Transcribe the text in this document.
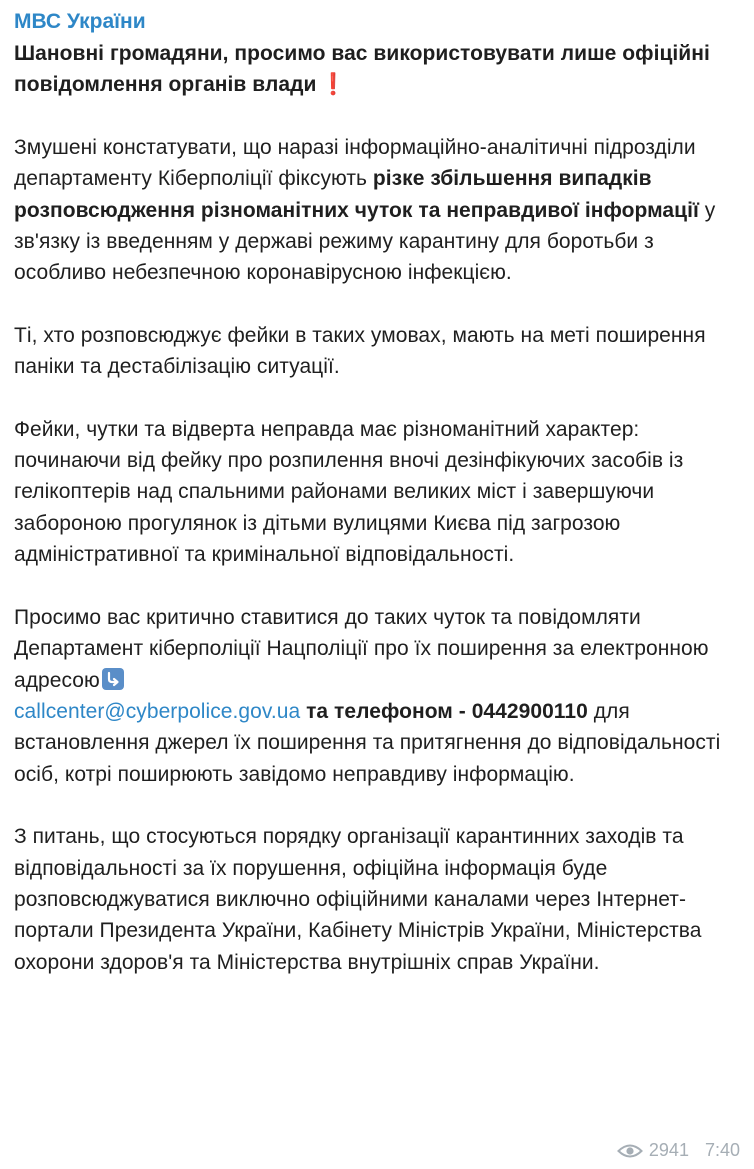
МВС України

Шановні громадяни, просимо вас використовувати лише офіційні повідомлення органів влади ❗

Змушені констатувати, що наразі інформаційно-аналітичні підрозділи департаменту Кіберполіції фіксують різке збільшення випадків розповсюдження різноманітних чуток та неправдивої інформації у зв'язку із введенням у державі режиму карантину для боротьби з особливо небезпечною коронавірусною інфекцією.

Ті, хто розповсюджує фейки в таких умовах, мають на меті поширення паніки та дестабілізацію ситуації.

Фейки, чутки та відверта неправда має різноманітний характер: починаючи від фейку про розпилення вночі дезінфікуючих засобів із гелікоптерів над спальними районами великих міст і завершуючи забороною прогулянок із дітьми вулицями Києва під загрозою адміністративної та кримінальної відповідальності.

Просимо вас критично ставитися до таких чуток та повідомляти Департамент кіберполіції Нацполіції про їх поширення за електронною адресою

callcenter@cyberpolice.gov.ua та телефоном - 0442900110 для встановлення джерел їх поширення та притягнення до відповідальності осіб, котрі поширюють завідомо неправдиву інформацію.

З питань, що стосуються порядку організації карантинних заходів та відповідальності за їх порушення, офіційна інформація буде розповсюджуватися виключно офіційними каналами через Інтернет-портали Президента України, Кабінету Міністрів України, Міністерства охорони здоров'я та Міністерства внутрішніх справ України.

2941 7:40
